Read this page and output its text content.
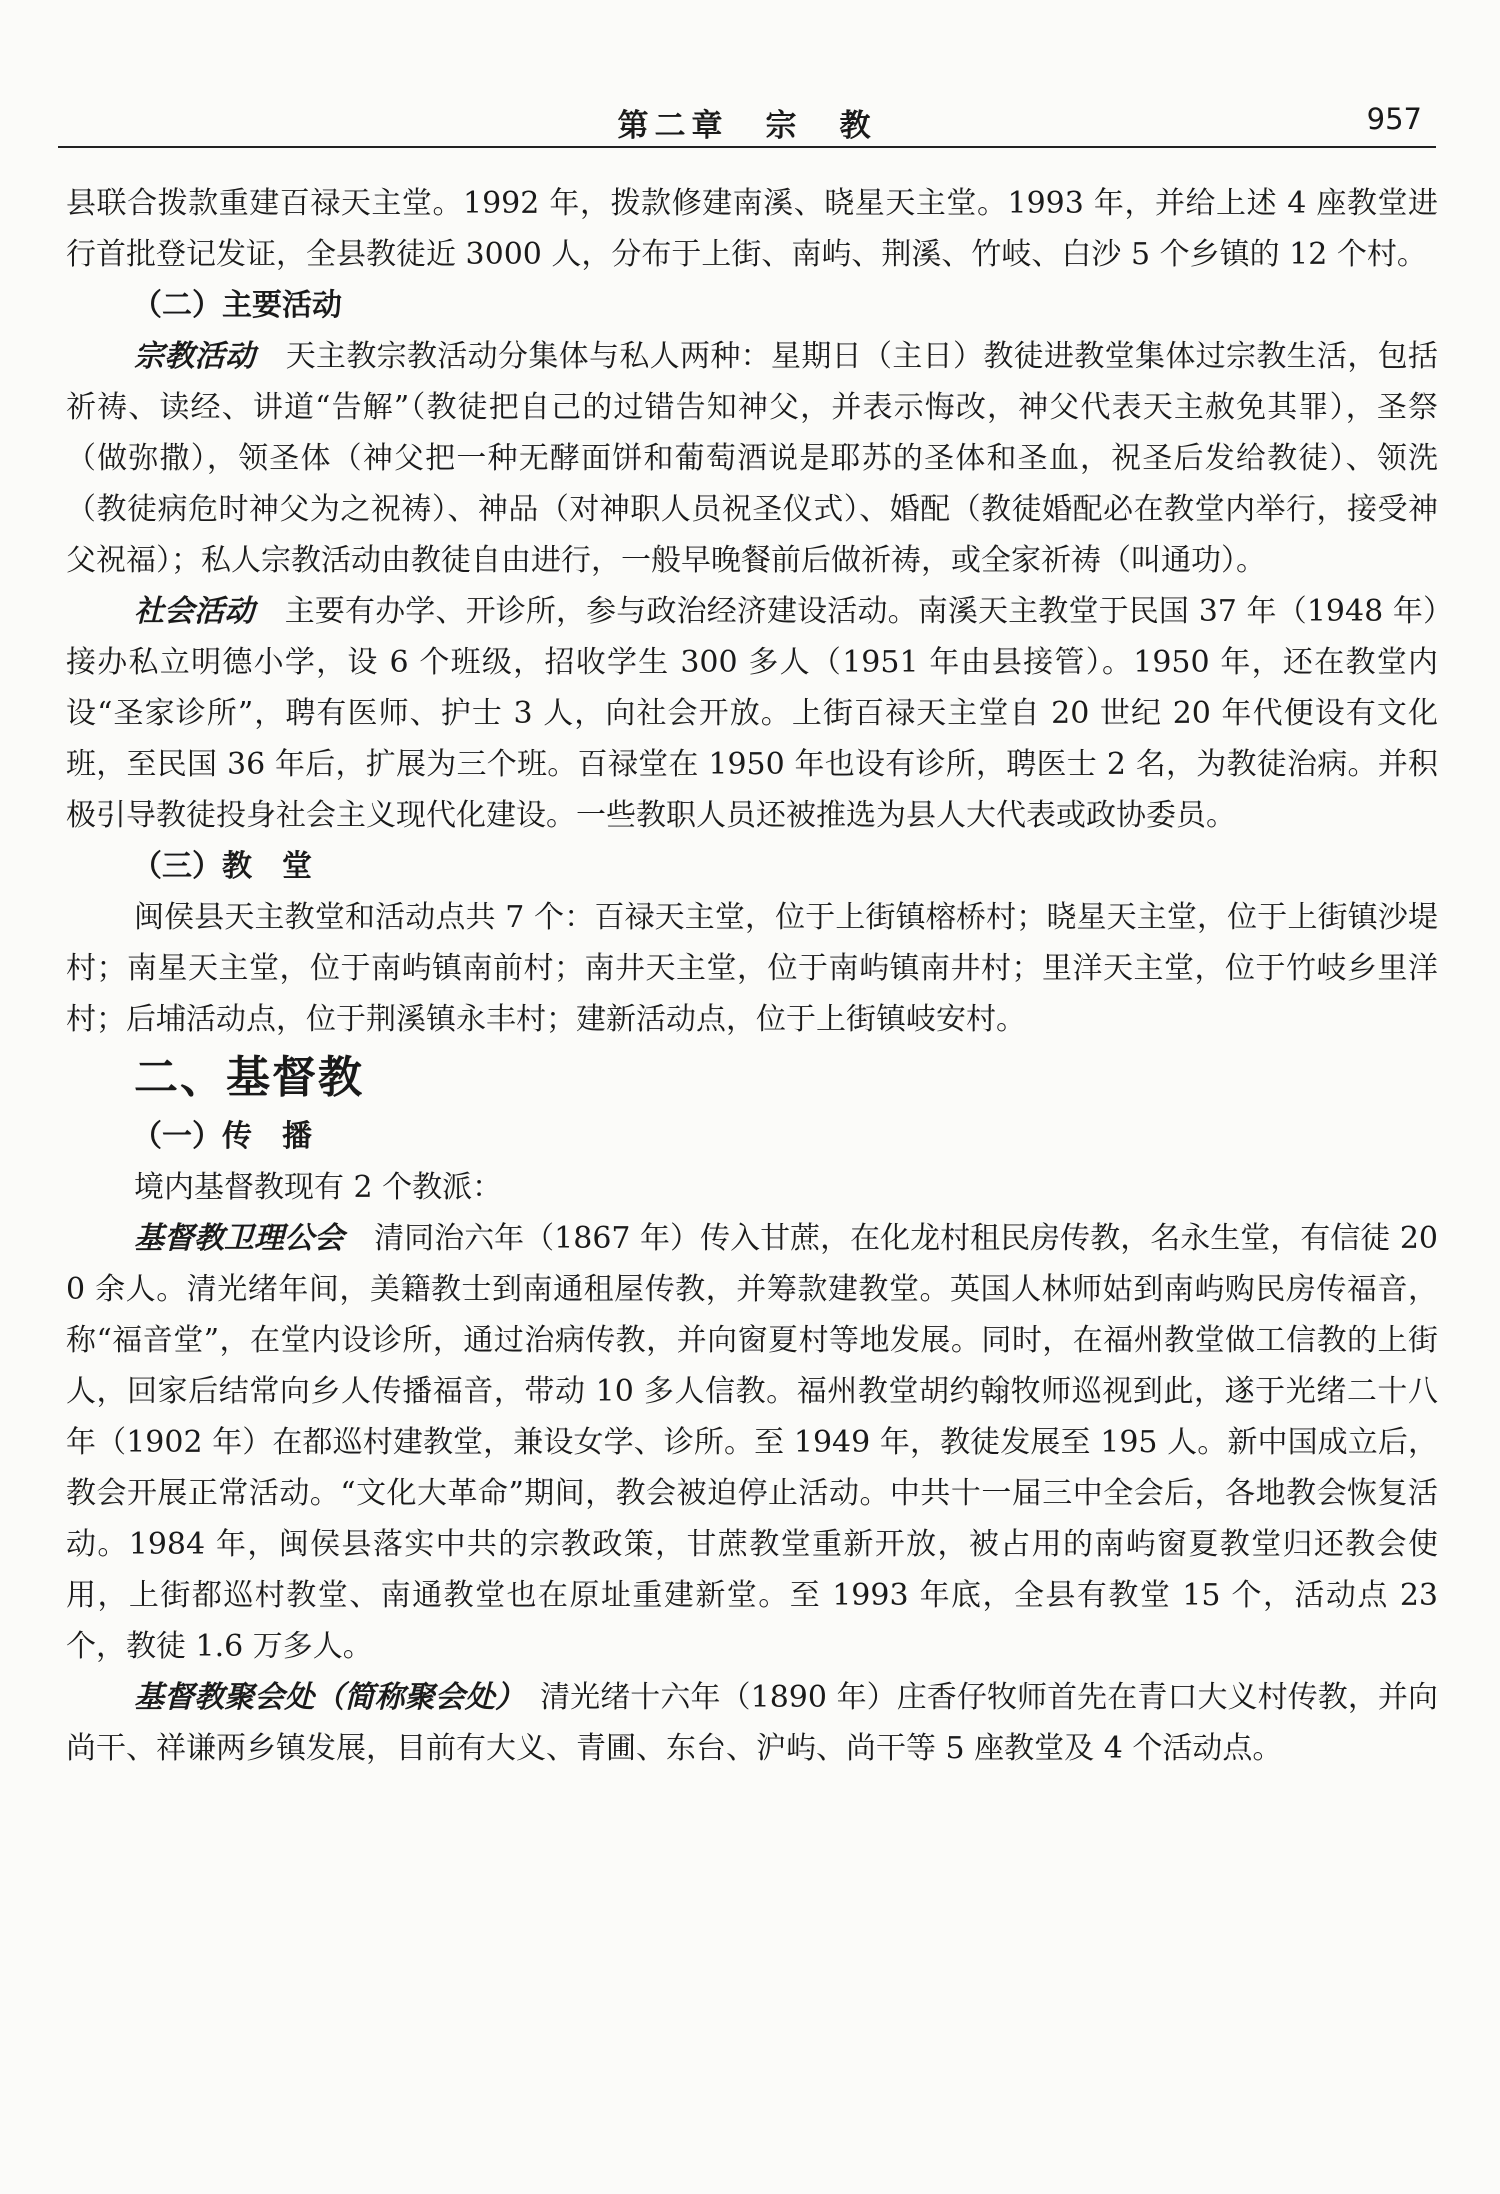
第二章　宗　教	957

县联合拨款重建百禄天主堂。1992 年，拨款修建南溪、晓星天主堂。1993 年，并给上述 4 座教堂进行首批登记发证，全县教徒近 3000 人，分布于上街、南屿、荆溪、竹岐、白沙 5 个乡镇的 12 个村。

（二）主要活动

宗教活动　 天主教宗教活动分集体与私人两种：星期日（主日）教徒进教堂集体过宗教生活，包括祈祷、读经、讲道“告解”（教徒把自己的过错告知神父，并表示悔改，神父代表天主赦免其罪），圣祭（做弥撒），领圣体（神父把一种无酵面饼和葡萄酒说是耶苏的圣体和圣血，祝圣后发给教徒）、领洗（教徒病危时神父为之祝祷）、神品（对神职人员祝圣仪式）、婚配（教徒婚配必在教堂内举行，接受神父祝福）；私人宗教活动由教徒自由进行，一般早晚餐前后做祈祷，或全家祈祷（叫通功）。

社会活动　 主要有办学、开诊所，参与政治经济建设活动。南溪天主教堂于民国 37 年（1948 年）接办私立明德小学，设 6 个班级，招收学生 300 多人（1951 年由县接管）。1950 年，还在教堂内设“圣家诊所”，聘有医师、护士 3 人，向社会开放。上街百禄天主堂自 20 世纪 20 年代便设有文化班，至民国 36 年后，扩展为三个班。百禄堂在 1950 年也设有诊所，聘医士 2 名，为教徒治病。并积极引导教徒投身社会主义现代化建设。一些教职人员还被推选为县人大代表或政协委员。

（三）教　堂

闽侯县天主教堂和活动点共 7 个：百禄天主堂，位于上街镇榕桥村；晓星天主堂，位于上街镇沙堤村；南星天主堂，位于南屿镇南前村；南井天主堂，位于南屿镇南井村；里洋天主堂，位于竹岐乡里洋村；后埔活动点，位于荆溪镇永丰村；建新活动点，位于上街镇岐安村。

二、基督教

（一）传　播

境内基督教现有 2 个教派：

基督教卫理公会　 清同治六年（1867 年）传入甘蔗，在化龙村租民房传教，名永生堂，有信徒 200 余人。清光绪年间，美籍教士到南通租屋传教，并筹款建教堂。英国人林师姑到南屿购民房传福音，称“福音堂”，在堂内设诊所，通过治病传教，并向窗夏村等地发展。同时，在福州教堂做工信教的上街人，回家后结常向乡人传播福音，带动 10 多人信教。福州教堂胡约翰牧师巡视到此，遂于光绪二十八年（1902 年）在都巡村建教堂，兼设女学、诊所。至 1949 年，教徒发展至 195 人。新中国成立后，教会开展正常活动。“文化大革命”期间，教会被迫停止活动。中共十一届三中全会后，各地教会恢复活动。1984 年，闽侯县落实中共的宗教政策，甘蔗教堂重新开放，被占用的南屿窗夏教堂归还教会使用，上街都巡村教堂、南通教堂也在原址重建新堂。至 1993 年底，全县有教堂 15 个，活动点 23 个，教徒 1.6 万多人。

基督教聚会处（简称聚会处）　 清光绪十六年（1890 年）庄香仔牧师首先在青口大义村传教，并向尚干、祥谦两乡镇发展，目前有大义、青圃、东台、沪屿、尚干等 5 座教堂及 4 个活动点。
